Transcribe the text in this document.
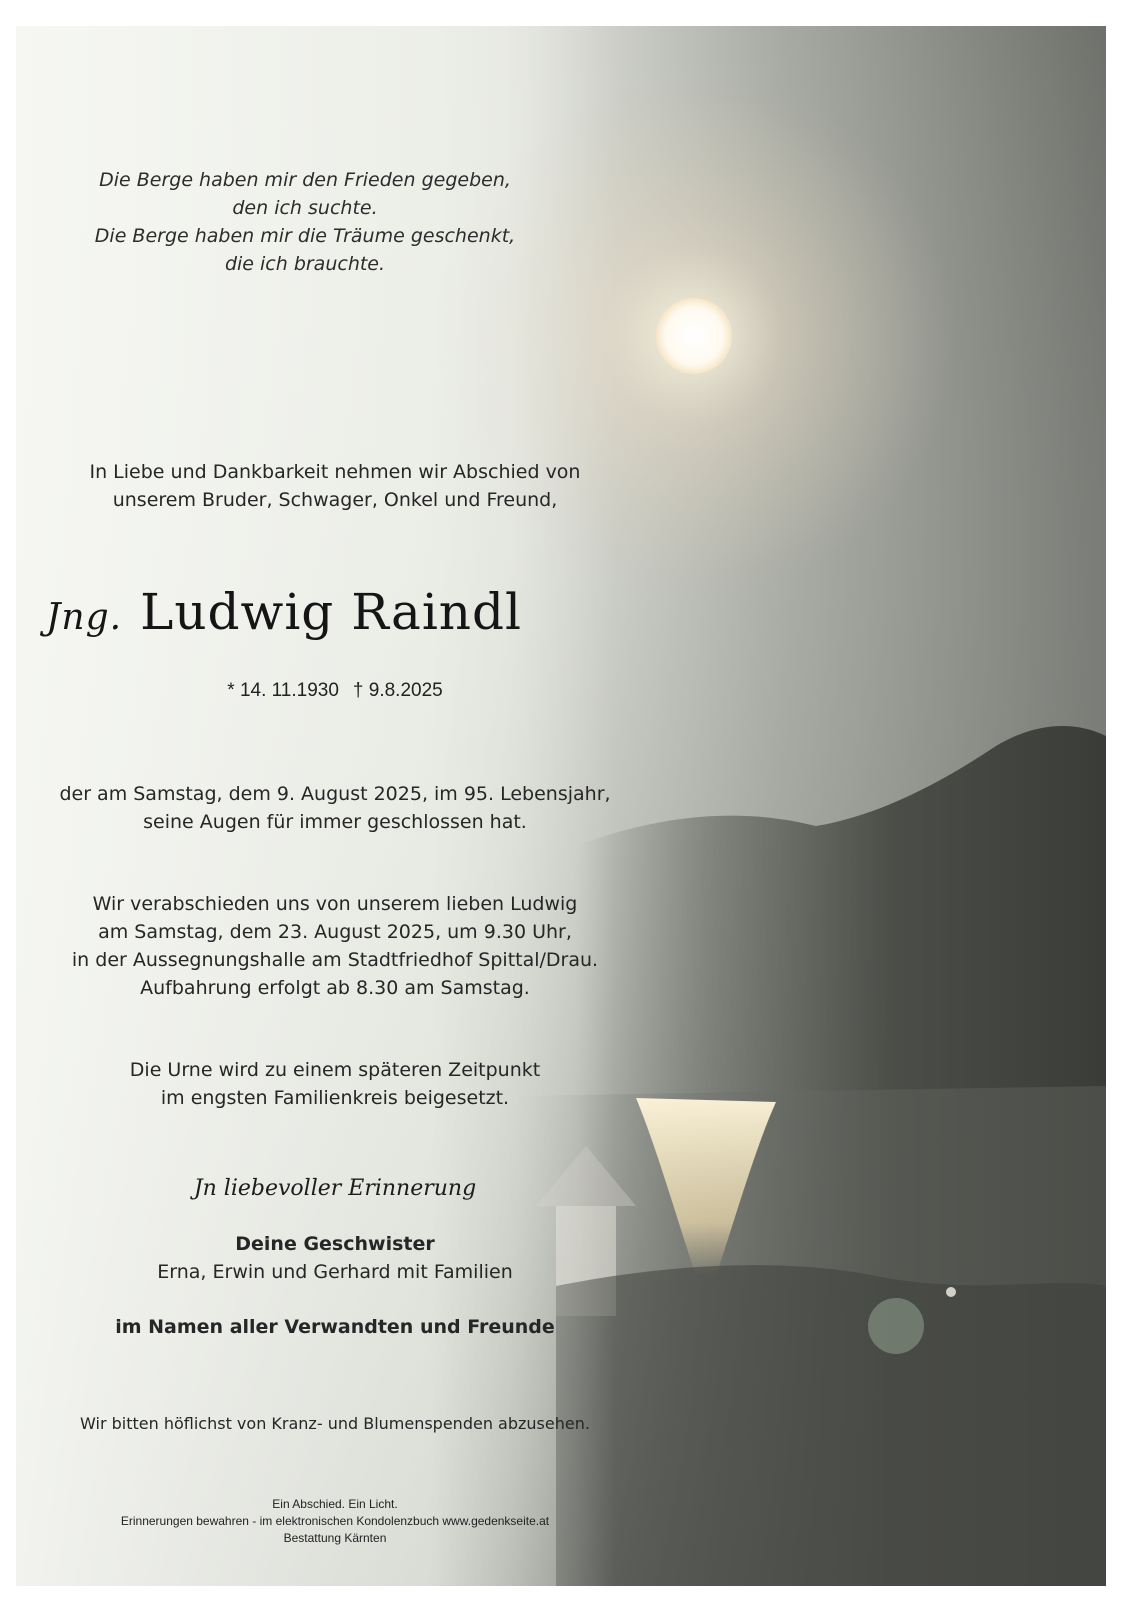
Die Berge haben mir den Frieden gegeben,
den ich suchte.
Die Berge haben mir die Träume geschenkt,
die ich brauchte.
In Liebe und Dankbarkeit nehmen wir Abschied von
unserem Bruder, Schwager, Onkel und Freund,
Jng. Ludwig Raindl
* 14. 11.1930 † 9.8.2025
der am Samstag, dem 9. August 2025, im 95. Lebensjahr,
seine Augen für immer geschlossen hat.
Wir verabschieden uns von unserem lieben Ludwig
am Samstag, dem 23. August 2025, um 9.30 Uhr,
in der Aussegnungshalle am Stadtfriedhof Spittal/Drau.
Aufbahrung erfolgt ab 8.30 am Samstag.
Die Urne wird zu einem späteren Zeitpunkt
im engsten Familienkreis beigesetzt.
Jn liebevoller Erinnerung
Deine Geschwister
Erna, Erwin und Gerhard mit Familien
im Namen aller Verwandten und Freunde
Wir bitten höflichst von Kranz- und Blumenspenden abzusehen.
Ein Abschied. Ein Licht.
Erinnerungen bewahren - im elektronischen Kondolenzbuch www.gedenkseite.at
Bestattung Kärnten
